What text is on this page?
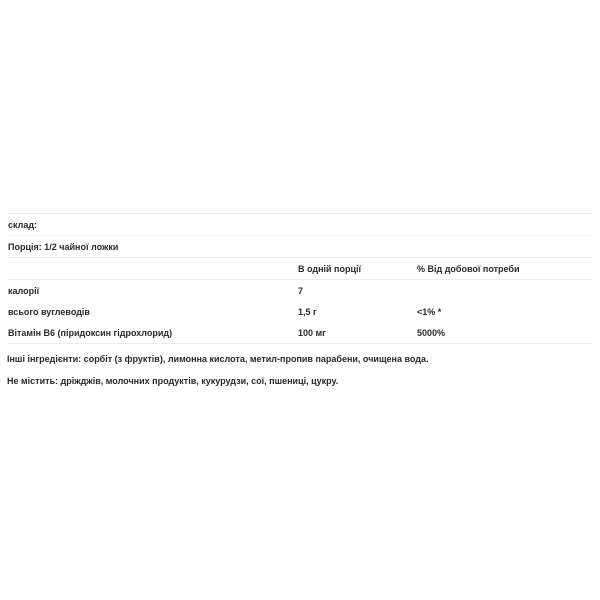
склад:		
Порція: 1/2 чайної ложки		
	В одній порції	% Від добової потреби
калорії	7	
всього вуглеводів	1,5 г	<1% *
Вітамін B6 (піридоксин гідрохлорид)	100 мг	5000%

Інші інгредієнти: сорбіт (з фруктів), лимонна кислота, метил-пропив парабени, очищена вода.

Не містить: дріжджів, молочних продуктів, кукурудзи, сої, пшениці, цукру.
